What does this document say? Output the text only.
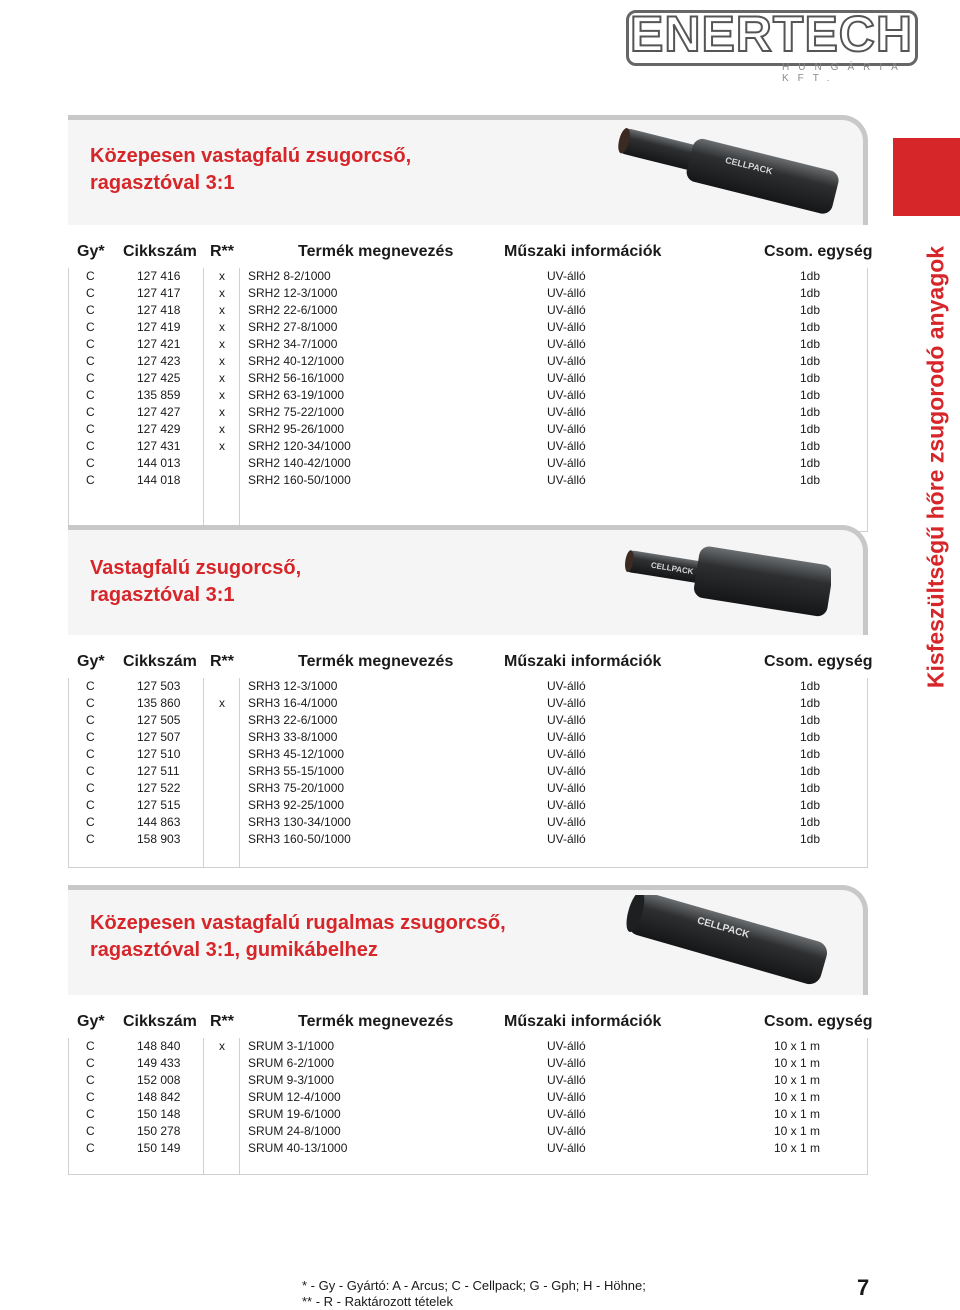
ENERTECH
HUNGÁRIA KFT.
Kisfeszültségű hőre zsugorodó anyagok
Közepesen vastagfalú zsugorcső,
ragasztóval 3:1
CELLPACK
Gy* Cikkszám R**	Termék megnevezés	Műszaki információk	Csom. egység
C	127 416	x SRH2 8-2/1000	UV-álló	1db
C	127 417	x SRH2 12-3/1000	UV-álló	1db
C	127 418	x SRH2 22-6/1000	UV-álló	1db
C	127 419	x SRH2 27-8/1000	UV-álló	1db
C	127 421	x SRH2 34-7/1000	UV-álló	1db
C	127 423	x SRH2 40-12/1000	UV-álló	1db
C	127 425	x SRH2 56-16/1000	UV-álló	1db
C	135 859	x SRH2 63-19/1000	UV-álló	1db
C	127 427	x SRH2 75-22/1000	UV-álló	1db
C	127 429	x SRH2 95-26/1000	UV-álló	1db
C	127 431	x SRH2 120-34/1000	UV-álló	1db
C	144 013	SRH2 140-42/1000	UV-álló	1db
C	144 018	SRH2 160-50/1000	UV-álló	1db
Vastagfalú zsugorcső,
ragasztóval 3:1
CELLPACK
Gy* Cikkszám R**	Termék megnevezés	Műszaki információk	Csom. egység
C	127 503	SRH3 12-3/1000	UV-álló	1db
C	135 860	x SRH3 16-4/1000	UV-álló	1db
C	127 505	SRH3 22-6/1000	UV-álló	1db
C	127 507	SRH3 33-8/1000	UV-álló	1db
C	127 510	SRH3 45-12/1000	UV-álló	1db
C	127 511	SRH3 55-15/1000	UV-álló	1db
C	127 522	SRH3 75-20/1000	UV-álló	1db
C	127 515	SRH3 92-25/1000	UV-álló	1db
C	144 863	SRH3 130-34/1000	UV-álló	1db
C	158 903	SRH3 160-50/1000	UV-álló	1db
Közepesen vastagfalú rugalmas zsugorcső,
ragasztóval 3:1, gumikábelhez
CELLPACK
Gy* Cikkszám R**	Termék megnevezés	Műszaki információk	Csom. egység
C	148 840	x SRUM 3-1/1000	UV-álló	10 x 1 m
C	149 433	SRUM 6-2/1000	UV-álló	10 x 1 m
C	152 008	SRUM 9-3/1000	UV-álló	10 x 1 m
C	148 842	SRUM 12-4/1000	UV-álló	10 x 1 m
C	150 148	SRUM 19-6/1000	UV-álló	10 x 1 m
C	150 278	SRUM 24-8/1000	UV-álló	10 x 1 m
C	150 149	SRUM 40-13/1000	UV-álló	10 x 1 m
* - Gy - Gyártó: A - Arcus; C - Cellpack; G - Gph; H - Höhne;
** - R - Raktározott tételek
7
